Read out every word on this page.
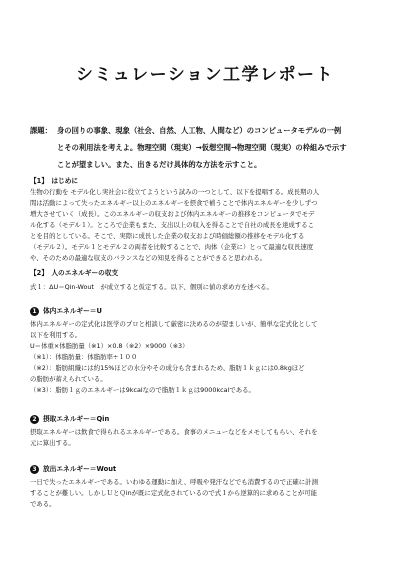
シミュレーション工学レポート
課題： 身の回りの事象、現象（社会、自然、人工物、人間など）のコンピュータモデルの一例
とその利用法を考えよ。物理空間（現実）→仮想空間→物理空間（現実）の枠組みで示す
ことが望ましい。また、出きるだけ具体的な方法を示すこと。
【1】　はじめに
生物の行動を モデル化し実社会に役立てようという試みの一つとして、以下を提唱する。成長期の人
間は活動によって失ったエネルギー以上のエネルギーを摂食で補うことで体内エネルギーを少しずつ
増大させていく（成長）。このエネルギーの収支および体内エネルギーの推移をコンピュータでモデ
ル化する（モデル１）。ところで企業もまた、支出以上の収入を得ることで自社の成長を達成するこ
とを目的としている。そこで、実際に成長した企業の収支および時価総額の推移をモデル化する
（モデル２）。モデル１とモデル２の両者を比較することで、肉体（企業に）とって最適な収長速度
や、そのための最適な収支のバランスなどの知見を得ることができると思われる。
【2】　人のエネルギーの収支
式１：ΔU＝Qin-Wout　が成立すると仮定する。以下、個別に値の求め方を述べる。
1 体内エネルギー＝U
体内エネルギーの定式化は医学のプロと相談して厳密に決めるのが望ましいが、簡単な定式化として
以下を利用する。
U＝体重×体脂肪量（※1）×0.8（※2）×9000（※3）
（※1）：体脂肪量：体脂肪率÷１００
（※2）：脂肪組織には約15%ほどの水分やその成分も含まれるため、脂肪１ｋｇには0.8kgほど
の脂肪が蓄えられている。
（※3）：脂肪１ｇのエネルギーは9kcalなので脂肪１ｋｇは9000kcalである。
2 摂取エネルギー＝Qin
摂取エネルギーは飲食で得られるエネルギーである。食事のメニューなどをメモしてもらい、それを
元に算出する。
3 放出エネルギー＝Wout
一日で失ったエネルギーである。いわゆる運動に加え、呼吸や発汗などでも消費するので正確に計測
することが難しい。しかしＵとＱinが既に定式化されているので式１から逆算的に求めることが可能
である。
